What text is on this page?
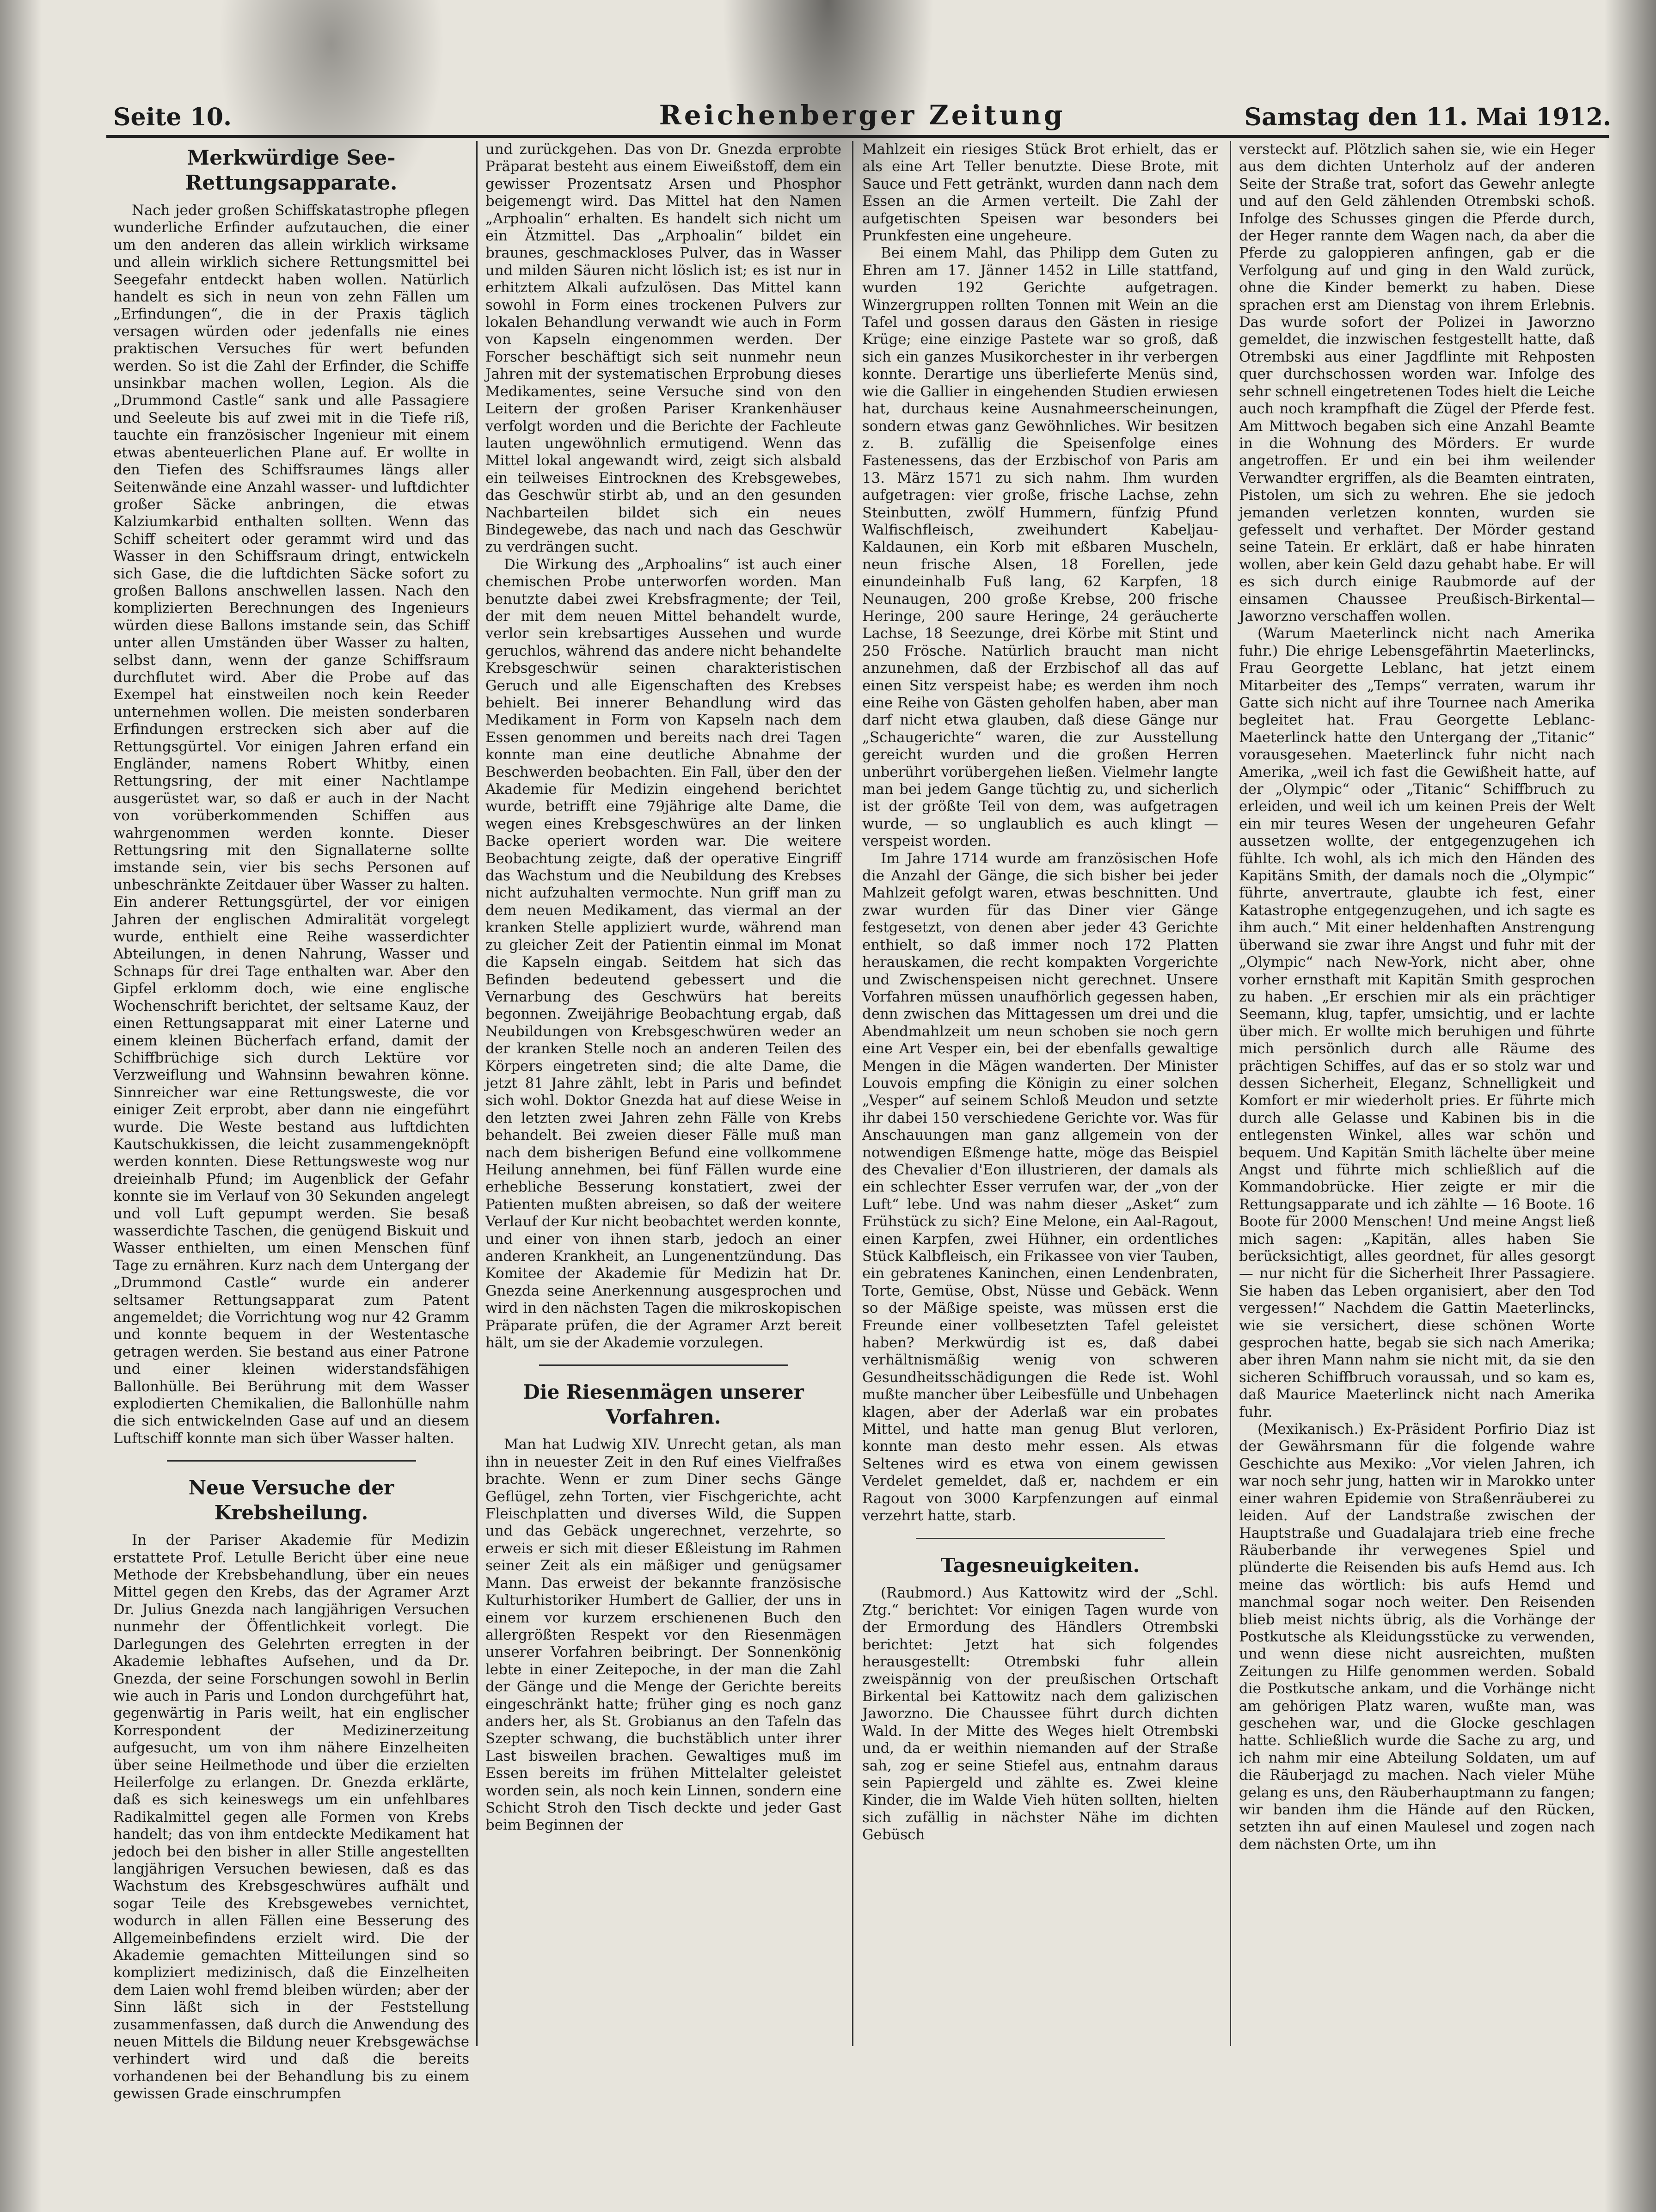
Seite 10.	Reichenberger Zeitung	Samstag den 11. Mai 1912.
Merkwürdige See-Rettungsapparate.

Nach jeder großen Schiffskatastrophe pflegen wunderliche Erfinder aufzutauchen, die einer um den anderen das allein wirklich wirksame und allein wirklich sichere Rettungsmittel bei Seegefahr entdeckt haben wollen. Natürlich handelt es sich in neun von zehn Fällen um „Erfindungen“, die in der Praxis täglich versagen würden oder jedenfalls nie eines praktischen Versuches für wert befunden werden. So ist die Zahl der Erfinder, die Schiffe unsinkbar machen wollen, Legion. Als die „Drummond Castle“ sank und alle Passagiere und Seeleute bis auf zwei mit in die Tiefe riß, tauchte ein französischer Ingenieur mit einem etwas abenteuerlichen Plane auf. Er wollte in den Tiefen des Schiffsraumes längs aller Seitenwände eine Anzahl wasser- und luftdichter großer Säcke anbringen, die etwas Kalziumkarbid enthalten sollten. Wenn das Schiff scheitert oder gerammt wird und das Wasser in den Schiffsraum dringt, entwickeln sich Gase, die die luftdichten Säcke sofort zu großen Ballons anschwellen lassen. Nach den komplizierten Berechnungen des Ingenieurs würden diese Ballons imstande sein, das Schiff unter allen Umständen über Wasser zu halten, selbst dann, wenn der ganze Schiffsraum durchflutet wird. Aber die Probe auf das Exempel hat einstweilen noch kein Reeder unternehmen wollen. Die meisten sonderbaren Erfindungen erstrecken sich aber auf die Rettungsgürtel. Vor einigen Jahren erfand ein Engländer, namens Robert Whitby, einen Rettungsring, der mit einer Nachtlampe ausgerüstet war, so daß er auch in der Nacht von vorüberkommenden Schiffen aus wahrgenommen werden konnte. Dieser Rettungsring mit den Signallaterne sollte imstande sein, vier bis sechs Personen auf unbeschränkte Zeitdauer über Wasser zu halten. Ein anderer Rettungsgürtel, der vor einigen Jahren der englischen Admiralität vorgelegt wurde, enthielt eine Reihe wasserdichter Abteilungen, in denen Nahrung, Wasser und Schnaps für drei Tage enthalten war. Aber den Gipfel erklomm doch, wie eine englische Wochenschrift berichtet, der seltsame Kauz, der einen Rettungsapparat mit einer Laterne und einem kleinen Bücherfach erfand, damit der Schiffbrüchige sich durch Lektüre vor Verzweiflung und Wahnsinn bewahren könne. Sinnreicher war eine Rettungsweste, die vor einiger Zeit erprobt, aber dann nie eingeführt wurde. Die Weste bestand aus luftdichten Kautschukkissen, die leicht zusammengeknöpft werden konnten. Diese Rettungsweste wog nur dreieinhalb Pfund; im Augenblick der Gefahr konnte sie im Verlauf von 30 Sekunden angelegt und voll Luft gepumpt werden. Sie besaß wasserdichte Taschen, die genügend Biskuit und Wasser enthielten, um einen Menschen fünf Tage zu ernähren. Kurz nach dem Untergang der „Drummond Castle“ wurde ein anderer seltsamer Rettungsapparat zum Patent angemeldet; die Vorrichtung wog nur 42 Gramm und konnte bequem in der Westentasche getragen werden. Sie bestand aus einer Patrone und einer kleinen widerstandsfähigen Ballonhülle. Bei Berührung mit dem Wasser explodierten Chemikalien, die Ballonhülle nahm die sich entwickelnden Gase auf und an diesem Luftschiff konnte man sich über Wasser halten.

Neue Versuche der Krebsheilung.

In der Pariser Akademie für Medizin erstattete Prof. Letulle Bericht über eine neue Methode der Krebsbehandlung, über ein neues Mittel gegen den Krebs, das der Agramer Arzt Dr. Julius Gnezda nach langjährigen Versuchen nunmehr der Öffentlichkeit vorlegt. Die Darlegungen des Gelehrten erregten in der Akademie lebhaftes Aufsehen, und da Dr. Gnezda, der seine Forschungen sowohl in Berlin wie auch in Paris und London durchgeführt hat, gegenwärtig in Paris weilt, hat ein englischer Korrespondent der Medizinerzeitung aufgesucht, um von ihm nähere Einzelheiten über seine Heilmethode und über die erzielten Heilerfolge zu erlangen. Dr. Gnezda erklärte, daß es sich keineswegs um ein unfehlbares Radikalmittel gegen alle Formen von Krebs handelt; das von ihm entdeckte Medikament hat jedoch bei den bisher in aller Stille angestellten langjährigen Versuchen bewiesen, daß es das Wachstum des Krebsgeschwüres aufhält und sogar Teile des Krebsgewebes vernichtet, wodurch in allen Fällen eine Besserung des Allgemeinbefindens erzielt wird. Die der Akademie gemachten Mitteilungen sind so kompliziert medizinisch, daß die Einzelheiten dem Laien wohl fremd bleiben würden; aber der Sinn läßt sich in der Feststellung zusammenfassen, daß durch die Anwendung des neuen Mittels die Bildung neuer Krebsgewächse verhindert wird und daß die bereits vorhandenen bei der Behandlung bis zu einem gewissen Grade einschrumpfen

und zurückgehen. Das von Dr. Gnezda erprobte Präparat besteht aus einem Eiweißstoff, dem ein gewisser Prozentsatz Arsen und Phosphor beigemengt wird. Das Mittel hat den Namen „Arphoalin“ erhalten. Es handelt sich nicht um ein Ätzmittel. Das „Arphoalin“ bildet ein braunes, geschmackloses Pulver, das in Wasser und milden Säuren nicht löslich ist; es ist nur in erhitztem Alkali aufzulösen. Das Mittel kann sowohl in Form eines trockenen Pulvers zur lokalen Behandlung verwandt wie auch in Form von Kapseln eingenommen werden. Der Forscher beschäftigt sich seit nunmehr neun Jahren mit der systematischen Erprobung dieses Medikamentes, seine Versuche sind von den Leitern der großen Pariser Krankenhäuser verfolgt worden und die Berichte der Fachleute lauten ungewöhnlich ermutigend. Wenn das Mittel lokal angewandt wird, zeigt sich alsbald ein teilweises Eintrocknen des Krebsgewebes, das Geschwür stirbt ab, und an den gesunden Nachbarteilen bildet sich ein neues Bindegewebe, das nach und nach das Geschwür zu verdrängen sucht.

Die Wirkung des „Arphoalins“ ist auch einer chemischen Probe unterworfen worden. Man benutzte dabei zwei Krebsfragmente; der Teil, der mit dem neuen Mittel behandelt wurde, verlor sein krebsartiges Aussehen und wurde geruchlos, während das andere nicht behandelte Krebsgeschwür seinen charakteristischen Geruch und alle Eigenschaften des Krebses behielt. Bei innerer Behandlung wird das Medikament in Form von Kapseln nach dem Essen genommen und bereits nach drei Tagen konnte man eine deutliche Abnahme der Beschwerden beobachten. Ein Fall, über den der Akademie für Medizin eingehend berichtet wurde, betrifft eine 79jährige alte Dame, die wegen eines Krebsgeschwüres an der linken Backe operiert worden war. Die weitere Beobachtung zeigte, daß der operative Eingriff das Wachstum und die Neubildung des Krebses nicht aufzuhalten vermochte. Nun griff man zu dem neuen Medikament, das viermal an der kranken Stelle appliziert wurde, während man zu gleicher Zeit der Patientin einmal im Monat die Kapseln eingab. Seitdem hat sich das Befinden bedeutend gebessert und die Vernarbung des Geschwürs hat bereits begonnen. Zweijährige Beobachtung ergab, daß Neubildungen von Krebsgeschwüren weder an der kranken Stelle noch an anderen Teilen des Körpers eingetreten sind; die alte Dame, die jetzt 81 Jahre zählt, lebt in Paris und befindet sich wohl. Doktor Gnezda hat auf diese Weise in den letzten zwei Jahren zehn Fälle von Krebs behandelt. Bei zweien dieser Fälle muß man nach dem bisherigen Befund eine vollkommene Heilung annehmen, bei fünf Fällen wurde eine erhebliche Besserung konstatiert, zwei der Patienten mußten abreisen, so daß der weitere Verlauf der Kur nicht beobachtet werden konnte, und einer von ihnen starb, jedoch an einer anderen Krankheit, an Lungenentzündung. Das Komitee der Akademie für Medizin hat Dr. Gnezda seine Anerkennung ausgesprochen und wird in den nächsten Tagen die mikroskopischen Präparate prüfen, die der Agramer Arzt bereit hält, um sie der Akademie vorzulegen.

Die Riesenmägen unserer Vorfahren.

Man hat Ludwig XIV. Unrecht getan, als man ihn in neuester Zeit in den Ruf eines Vielfraßes brachte. Wenn er zum Diner sechs Gänge Geflügel, zehn Torten, vier Fischgerichte, acht Fleischplatten und diverses Wild, die Suppen und das Gebäck ungerechnet, verzehrte, so erweis er sich mit dieser Eßleistung im Rahmen seiner Zeit als ein mäßiger und genügsamer Mann. Das erweist der bekannte französische Kulturhistoriker Humbert de Gallier, der uns in einem vor kurzem erschienenen Buch den allergrößten Respekt vor den Riesenmägen unserer Vorfahren beibringt. Der Sonnenkönig lebte in einer Zeitepoche, in der man die Zahl der Gänge und die Menge der Gerichte bereits eingeschränkt hatte; früher ging es noch ganz anders her, als St. Grobianus an den Tafeln das Szepter schwang, die buchstäblich unter ihrer Last bisweilen brachen. Gewaltiges muß im Essen bereits im frühen Mittelalter geleistet worden sein, als noch kein Linnen, sondern eine Schicht Stroh den Tisch deckte und jeder Gast beim Beginnen der

Mahlzeit ein riesiges Stück Brot erhielt, das er als eine Art Teller benutzte. Diese Brote, mit Sauce und Fett getränkt, wurden dann nach dem Essen an die Armen verteilt. Die Zahl der aufgetischten Speisen war besonders bei Prunkfesten eine ungeheure.

Bei einem Mahl, das Philipp dem Guten zu Ehren am 17. Jänner 1452 in Lille stattfand, wurden 192 Gerichte aufgetragen. Winzergruppen rollten Tonnen mit Wein an die Tafel und gossen daraus den Gästen in riesige Krüge; eine einzige Pastete war so groß, daß sich ein ganzes Musikorchester in ihr verbergen konnte. Derartige uns überlieferte Menüs sind, wie die Gallier in eingehenden Studien erwiesen hat, durchaus keine Ausnahmeerscheinungen, sondern etwas ganz Gewöhnliches. Wir besitzen z. B. zufällig die Speisenfolge eines Fastenessens, das der Erzbischof von Paris am 13. März 1571 zu sich nahm. Ihm wurden aufgetragen: vier große, frische Lachse, zehn Steinbutten, zwölf Hummern, fünfzig Pfund Walfischfleisch, zweihundert Kabeljau-Kaldaunen, ein Korb mit eßbaren Muscheln, neun frische Alsen, 18 Forellen, jede einundeinhalb Fuß lang, 62 Karpfen, 18 Neunaugen, 200 große Krebse, 200 frische Heringe, 200 saure Heringe, 24 geräucherte Lachse, 18 Seezunge, drei Körbe mit Stint und 250 Frösche. Natürlich braucht man nicht anzunehmen, daß der Erzbischof all das auf einen Sitz verspeist habe; es werden ihm noch eine Reihe von Gästen geholfen haben, aber man darf nicht etwa glauben, daß diese Gänge nur „Schaugerichte“ waren, die zur Ausstellung gereicht wurden und die großen Herren unberührt vorübergehen ließen. Vielmehr langte man bei jedem Gange tüchtig zu, und sicherlich ist der größte Teil von dem, was aufgetragen wurde, — so unglaublich es auch klingt — verspeist worden.

Im Jahre 1714 wurde am französischen Hofe die Anzahl der Gänge, die sich bisher bei jeder Mahlzeit gefolgt waren, etwas beschnitten. Und zwar wurden für das Diner vier Gänge festgesetzt, von denen aber jeder 43 Gerichte enthielt, so daß immer noch 172 Platten herauskamen, die recht kompakten Vorgerichte und Zwischenspeisen nicht gerechnet. Unsere Vorfahren müssen unaufhörlich gegessen haben, denn zwischen das Mittagessen um drei und die Abendmahlzeit um neun schoben sie noch gern eine Art Vesper ein, bei der ebenfalls gewaltige Mengen in die Mägen wanderten. Der Minister Louvois empfing die Königin zu einer solchen „Vesper“ auf seinem Schloß Meudon und setzte ihr dabei 150 verschiedene Gerichte vor. Was für Anschauungen man ganz allgemein von der notwendigen Eßmenge hatte, möge das Beispiel des Chevalier d'Eon illustrieren, der damals als ein schlechter Esser verrufen war, der „von der Luft“ lebe. Und was nahm dieser „Asket“ zum Frühstück zu sich? Eine Melone, ein Aal-Ragout, einen Karpfen, zwei Hühner, ein ordentliches Stück Kalbfleisch, ein Frikassee von vier Tauben, ein gebratenes Kaninchen, einen Lendenbraten, Torte, Gemüse, Obst, Nüsse und Gebäck. Wenn so der Mäßige speiste, was müssen erst die Freunde einer vollbesetzten Tafel geleistet haben? Merkwürdig ist es, daß dabei verhältnismäßig wenig von schweren Gesundheitsschädigungen die Rede ist. Wohl mußte mancher über Leibesfülle und Unbehagen klagen, aber der Aderlaß war ein probates Mittel, und hatte man genug Blut verloren, konnte man desto mehr essen. Als etwas Seltenes wird es etwa von einem gewissen Verdelet gemeldet, daß er, nachdem er ein Ragout von 3000 Karpfenzungen auf einmal verzehrt hatte, starb.

Tagesneuigkeiten.

(Raubmord.) Aus Kattowitz wird der „Schl. Ztg.“ berichtet: Vor einigen Tagen wurde von der Ermordung des Händlers Otrembski berichtet: Jetzt hat sich folgendes herausgestellt: Otrembski fuhr allein zweispännig von der preußischen Ortschaft Birkental bei Kattowitz nach dem galizischen Jaworzno. Die Chaussee führt durch dichten Wald. In der Mitte des Weges hielt Otrembski und, da er weithin niemanden auf der Straße sah, zog er seine Stiefel aus, entnahm daraus sein Papiergeld und zählte es. Zwei kleine Kinder, die im Walde Vieh hüten sollten, hielten sich zufällig in nächster Nähe im dichten Gebüsch

versteckt auf. Plötzlich sahen sie, wie ein Heger aus dem dichten Unterholz auf der anderen Seite der Straße trat, sofort das Gewehr anlegte und auf den Geld zählenden Otrembski schoß. Infolge des Schusses gingen die Pferde durch, der Heger rannte dem Wagen nach, da aber die Pferde zu galoppieren anfingen, gab er die Verfolgung auf und ging in den Wald zurück, ohne die Kinder bemerkt zu haben. Diese sprachen erst am Dienstag von ihrem Erlebnis. Das wurde sofort der Polizei in Jaworzno gemeldet, die inzwischen festgestellt hatte, daß Otrembski aus einer Jagdflinte mit Rehposten quer durchschossen worden war. Infolge des sehr schnell eingetretenen Todes hielt die Leiche auch noch krampfhaft die Zügel der Pferde fest. Am Mittwoch begaben sich eine Anzahl Beamte in die Wohnung des Mörders. Er wurde angetroffen. Er und ein bei ihm weilender Verwandter ergriffen, als die Beamten eintraten, Pistolen, um sich zu wehren. Ehe sie jedoch jemanden verletzen konnten, wurden sie gefesselt und verhaftet. Der Mörder gestand seine Tatein. Er erklärt, daß er habe hinraten wollen, aber kein Geld dazu gehabt habe. Er will es sich durch einige Raubmorde auf der einsamen Chaussee Preußisch-Birkental—Jaworzno verschaffen wollen.

(Warum Maeterlinck nicht nach Amerika fuhr.) Die ehrige Lebensgefährtin Maeterlincks, Frau Georgette Leblanc, hat jetzt einem Mitarbeiter des „Temps“ verraten, warum ihr Gatte sich nicht auf ihre Tournee nach Amerika begleitet hat. Frau Georgette Leblanc-Maeterlinck hatte den Untergang der „Titanic“ vorausgesehen. Maeterlinck fuhr nicht nach Amerika, „weil ich fast die Gewißheit hatte, auf der „Olympic“ oder „Titanic“ Schiffbruch zu erleiden, und weil ich um keinen Preis der Welt ein mir teures Wesen der ungeheuren Gefahr aussetzen wollte, der entgegenzugehen ich fühlte. Ich wohl, als ich mich den Händen des Kapitäns Smith, der damals noch die „Olympic“ führte, anvertraute, glaubte ich fest, einer Katastrophe entgegenzugehen, und ich sagte es ihm auch.“ Mit einer heldenhaften Anstrengung überwand sie zwar ihre Angst und fuhr mit der „Olympic“ nach New-York, nicht aber, ohne vorher ernsthaft mit Kapitän Smith gesprochen zu haben. „Er erschien mir als ein prächtiger Seemann, klug, tapfer, umsichtig, und er lachte über mich. Er wollte mich beruhigen und führte mich persönlich durch alle Räume des prächtigen Schiffes, auf das er so stolz war und dessen Sicherheit, Eleganz, Schnelligkeit und Komfort er mir wiederholt pries. Er führte mich durch alle Gelasse und Kabinen bis in die entlegensten Winkel, alles war schön und bequem. Und Kapitän Smith lächelte über meine Angst und führte mich schließlich auf die Kommandobrücke. Hier zeigte er mir die Rettungsapparate und ich zählte — 16 Boote. 16 Boote für 2000 Menschen! Und meine Angst ließ mich sagen: „Kapitän, alles haben Sie berücksichtigt, alles geordnet, für alles gesorgt — nur nicht für die Sicherheit Ihrer Passagiere. Sie haben das Leben organisiert, aber den Tod vergessen!“ Nachdem die Gattin Maeterlincks, wie sie versichert, diese schönen Worte gesprochen hatte, begab sie sich nach Amerika; aber ihren Mann nahm sie nicht mit, da sie den sicheren Schiffbruch voraussah, und so kam es, daß Maurice Maeterlinck nicht nach Amerika fuhr.

(Mexikanisch.) Ex-Präsident Porfirio Diaz ist der Gewährsmann für die folgende wahre Geschichte aus Mexiko: „Vor vielen Jahren, ich war noch sehr jung, hatten wir in Marokko unter einer wahren Epidemie von Straßenräuberei zu leiden. Auf der Landstraße zwischen der Hauptstraße und Guadalajara trieb eine freche Räuberbande ihr verwegenes Spiel und plünderte die Reisenden bis aufs Hemd aus. Ich meine das wörtlich: bis aufs Hemd und manchmal sogar noch weiter. Den Reisenden blieb meist nichts übrig, als die Vorhänge der Postkutsche als Kleidungsstücke zu verwenden, und wenn diese nicht ausreichten, mußten Zeitungen zu Hilfe genommen werden. Sobald die Postkutsche ankam, und die Vorhänge nicht am gehörigen Platz waren, wußte man, was geschehen war, und die Glocke geschlagen hatte. Schließlich wurde die Sache zu arg, und ich nahm mir eine Abteilung Soldaten, um auf die Räuberjagd zu machen. Nach vieler Mühe gelang es uns, den Räuberhauptmann zu fangen; wir banden ihm die Hände auf den Rücken, setzten ihn auf einen Maulesel und zogen nach dem nächsten Orte, um ihn
